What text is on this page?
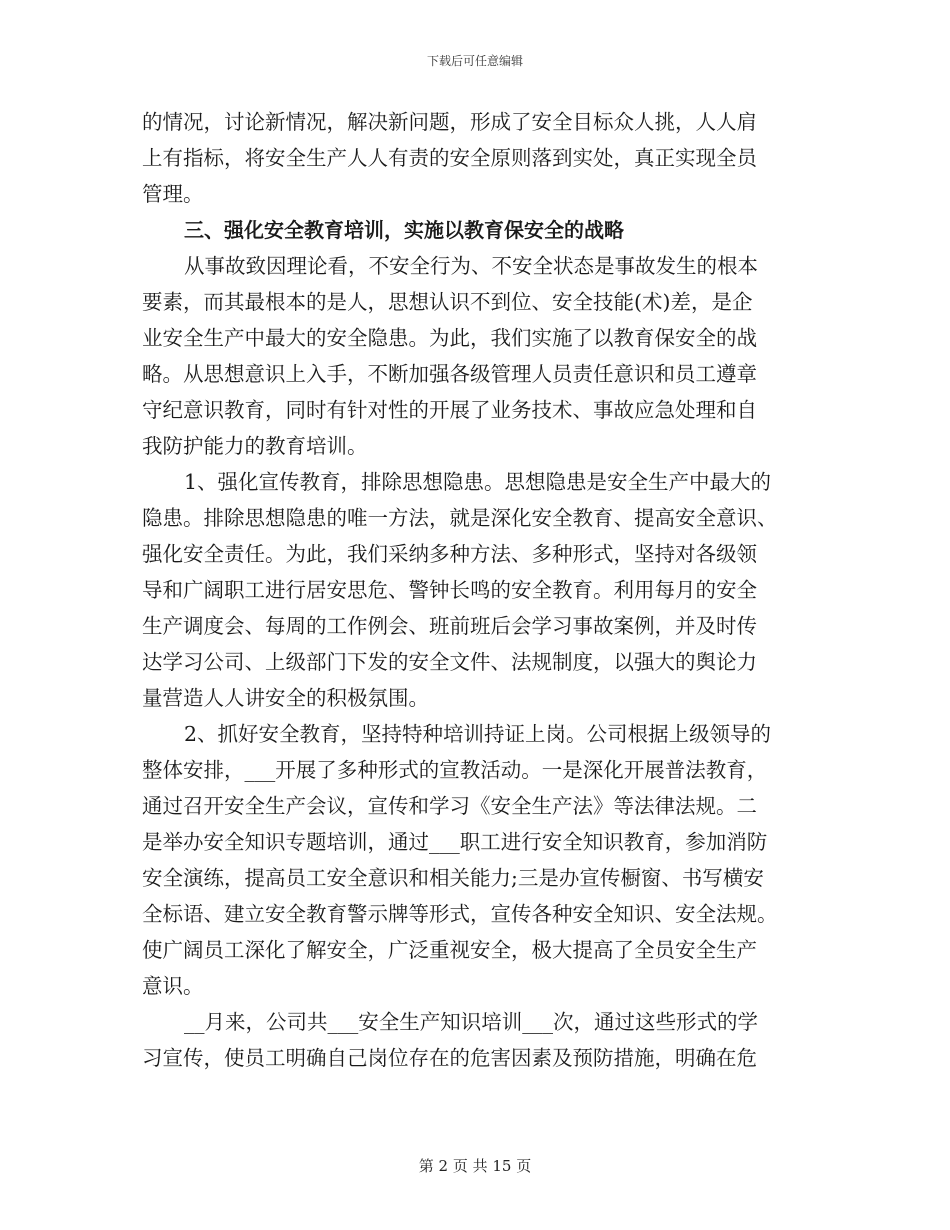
下载后可任意编辑
的情况，讨论新情况，解决新问题，形成了安全目标众人挑，人人肩
上有指标，将安全生产人人有责的安全原则落到实处，真正实现全员
管理。
三、强化安全教育培训，实施以教育保安全的战略
从事故致因理论看，不安全行为、不安全状态是事故发生的根本
要素，而其最根本的是人，思想认识不到位、安全技能(术)差，是企
业安全生产中最大的安全隐患。为此，我们实施了以教育保安全的战
略。从思想意识上入手，不断加强各级管理人员责任意识和员工遵章
守纪意识教育，同时有针对性的开展了业务技术、事故应急处理和自
我防护能力的教育培训。
1、强化宣传教育，排除思想隐患。思想隐患是安全生产中最大的
隐患。排除思想隐患的唯一方法，就是深化安全教育、提高安全意识、
强化安全责任。为此，我们采纳多种方法、多种形式，坚持对各级领
导和广阔职工进行居安思危、警钟长鸣的安全教育。利用每月的安全
生产调度会、每周的工作例会、班前班后会学习事故案例，并及时传
达学习公司、上级部门下发的安全文件、法规制度，以强大的舆论力
量营造人人讲安全的积极氛围。
2、抓好安全教育，坚持特种培训持证上岗。公司根据上级领导的
整体安排，___开展了多种形式的宣教活动。一是深化开展普法教育，
通过召开安全生产会议，宣传和学习《安全生产法》等法律法规。二
是举办安全知识专题培训，通过___职工进行安全知识教育，参加消防
安全演练，提高员工安全意识和相关能力;三是办宣传橱窗、书写横安
全标语、建立安全教育警示牌等形式，宣传各种安全知识、安全法规。
使广阔员工深化了解安全，广泛重视安全，极大提高了全员安全生产
意识。
__月来，公司共___安全生产知识培训___次，通过这些形式的学
习宣传，使员工明确自己岗位存在的危害因素及预防措施，明确在危
第 2 页 共 15 页
